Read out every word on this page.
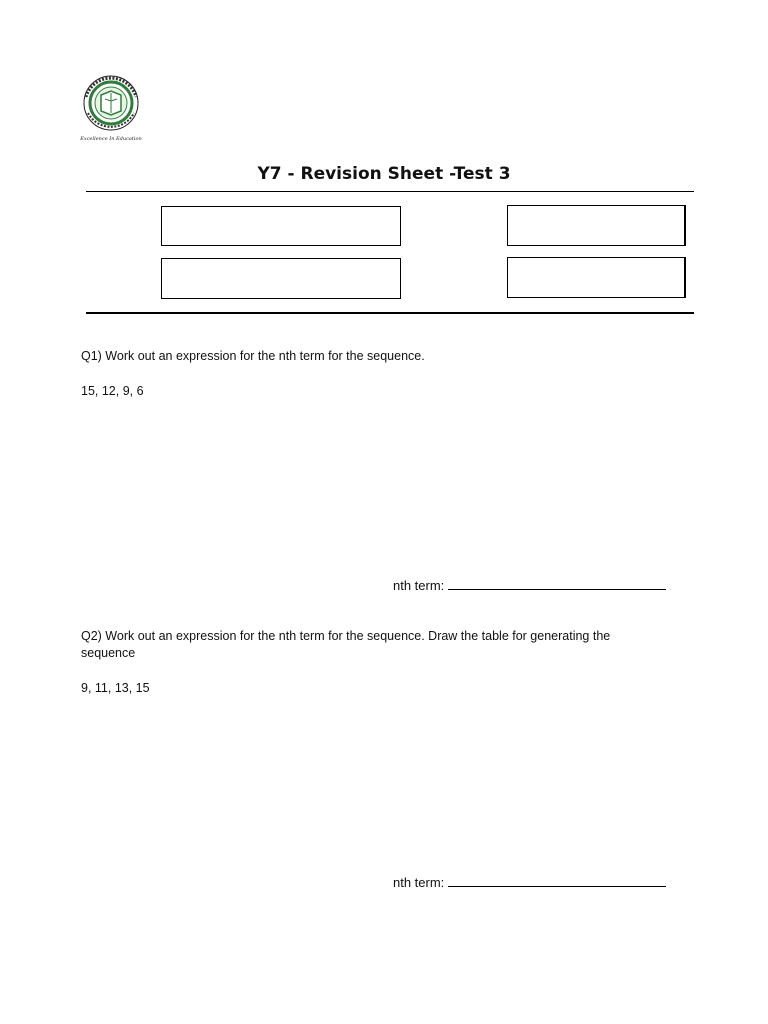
Excellence In Education
Y7 - Revision Sheet -Test 3
Q1) Work out an expression for the nth term for the sequence.
15, 12, 9, 6
nth term:
Q2) Work out an expression for the nth term for the sequence. Draw the table for generating the sequence
9, 11, 13, 15
nth term:
